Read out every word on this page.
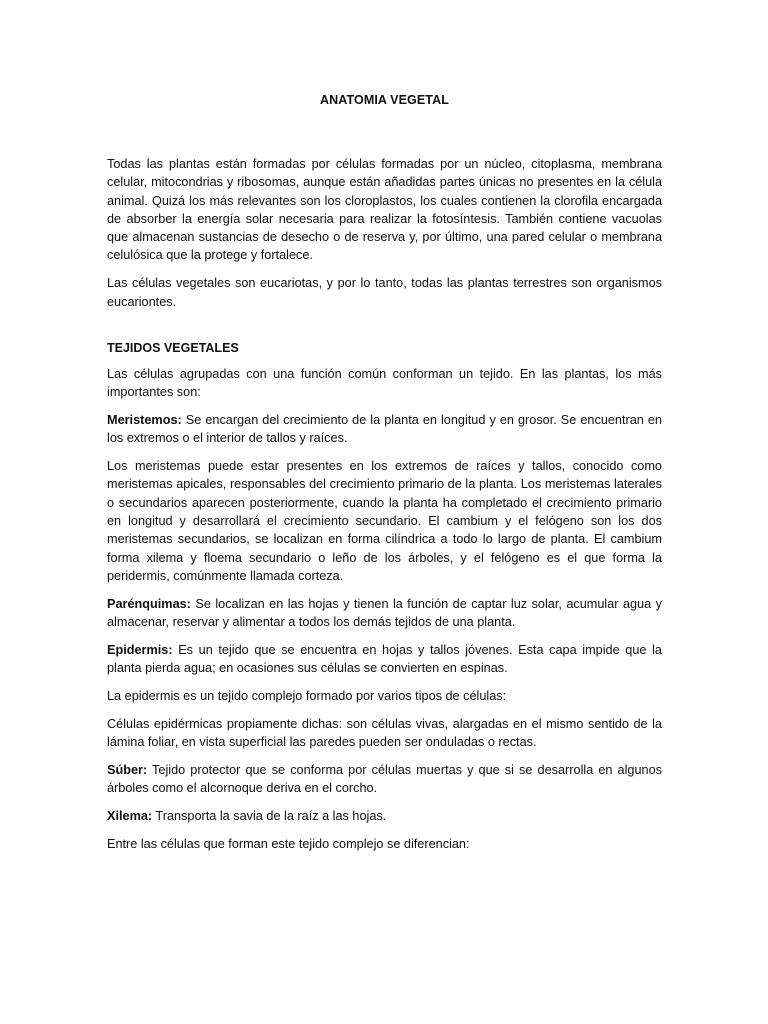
ANATOMIA VEGETAL

Todas las plantas están formadas por células formadas por un núcleo, citoplasma, membrana celular, mitocondrias y ribosomas, aunque están añadidas partes únicas no presentes en la célula animal. Quizá los más relevantes son los cloroplastos, los cuales contienen la clorofila encargada de absorber la energía solar necesaria para realizar la fotosíntesis. También contiene vacuolas que almacenan sustancias de desecho o de reserva y, por último, una pared celular o membrana celulósica que la protege y fortalece.

Las células vegetales son eucariotas, y por lo tanto, todas las plantas terrestres son organismos eucariontes.

TEJIDOS VEGETALES

Las células agrupadas con una función común conforman un tejido. En las plantas, los más importantes son:

Meristemos: Se encargan del crecimiento de la planta en longitud y en grosor. Se encuentran en los extremos o el interior de tallos y raíces.

Los meristemas puede estar presentes en los extremos de raíces y tallos, conocido como meristemas apicales, responsables del crecimiento primario de la planta. Los meristemas laterales o secundarios aparecen posteriormente, cuando la planta ha completado el crecimiento primario en longitud y desarrollará el crecimiento secundario. El cambium y el felógeno son los dos meristemas secundarios, se localizan en forma cilíndrica a todo lo largo de planta. El cambium forma xilema y floema secundario o leño de los árboles, y el felógeno es el que forma la peridermis, comúnmente llamada corteza.

Parénquimas: Se localizan en las hojas y tienen la función de captar luz solar, acumular agua y almacenar, reservar y alimentar a todos los demás tejidos de una planta.

Epidermis: Es un tejido que se encuentra en hojas y tallos jóvenes. Esta capa impide que la planta pierda agua; en ocasiones sus células se convierten en espinas.

La epidermis es un tejido complejo formado por varios tipos de células:

Células epidérmicas propiamente dichas: son células vivas, alargadas en el mismo sentido de la lámina foliar, en vista superficial las paredes pueden ser onduladas o rectas.

Súber: Tejido protector que se conforma por células muertas y que si se desarrolla en algunos árboles como el alcornoque deriva en el corcho.

Xilema: Transporta la savia de la raíz a las hojas.

Entre las células que forman este tejido complejo se diferencian:
